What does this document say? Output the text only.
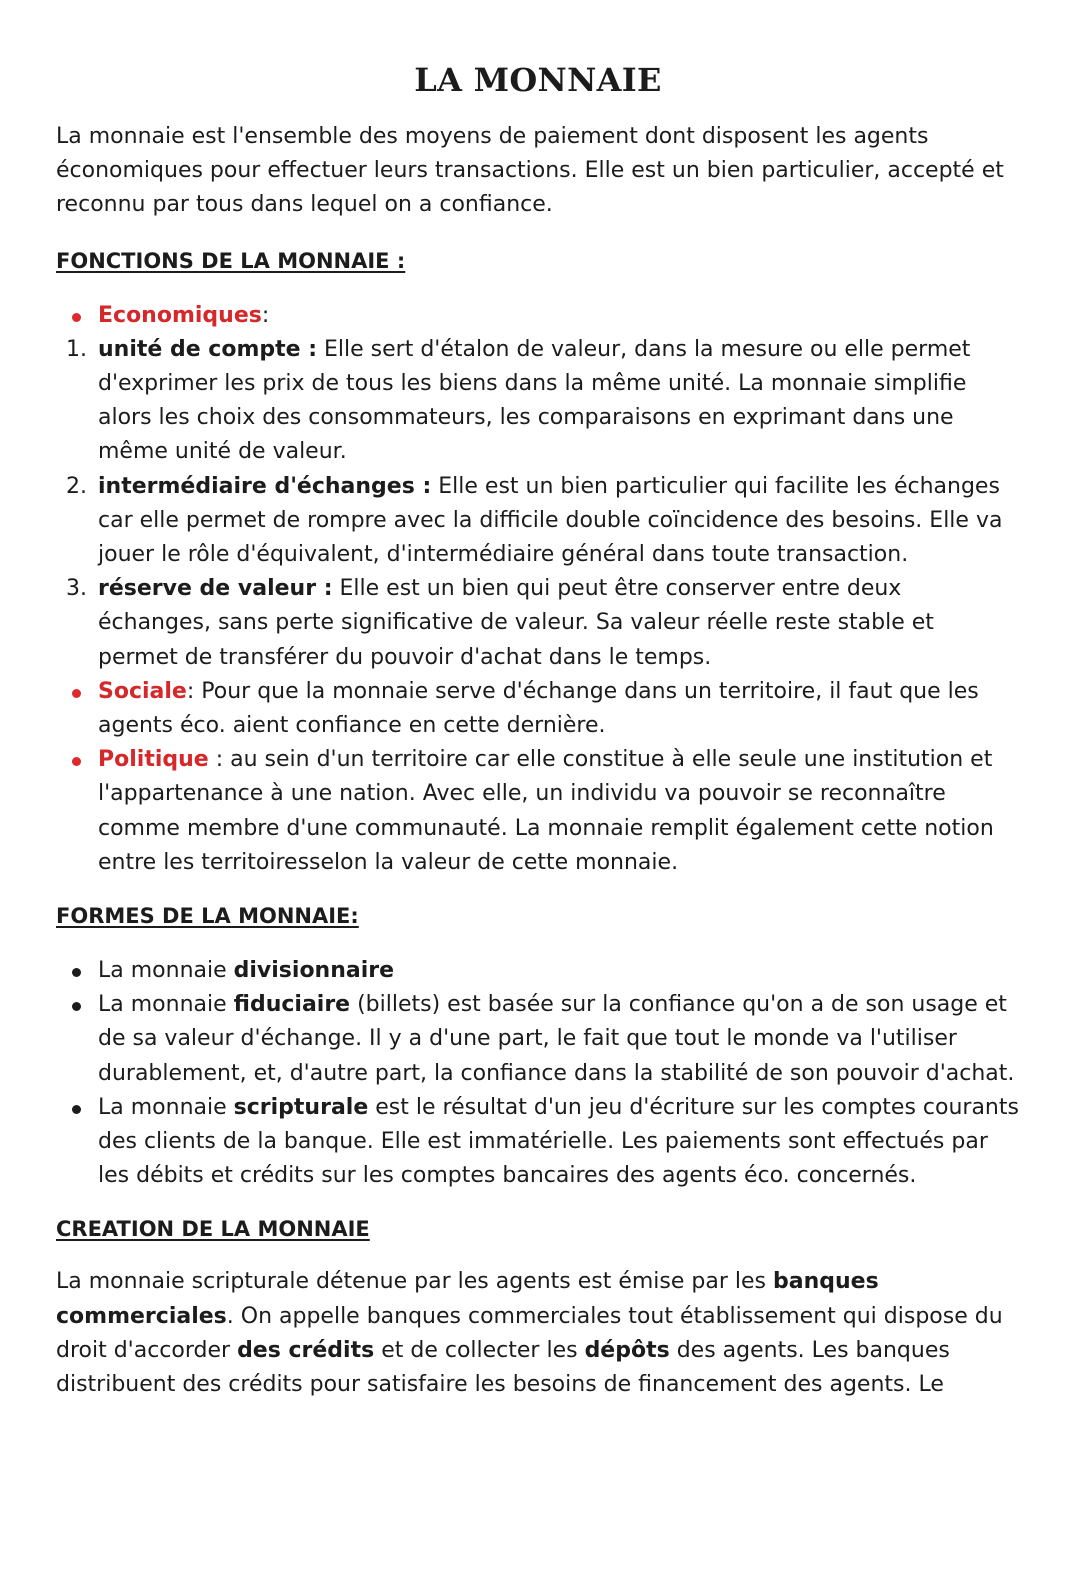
LA MONNAIE

La monnaie est l'ensemble des moyens de paiement dont disposent les agents économiques pour effectuer leurs transactions. Elle est un bien particulier, accepté et reconnu par tous dans lequel on a confiance.

FONCTIONS DE LA MONNAIE :
Economiques:
1. unité de compte : Elle sert d'étalon de valeur, dans la mesure ou elle permet d'exprimer les prix de tous les biens dans la même unité. La monnaie simplifie alors les choix des consommateurs, les comparaisons en exprimant dans une même unité de valeur.
2. intermédiaire d'échanges : Elle est un bien particulier qui facilite les échanges car elle permet de rompre avec la difficile double coïncidence des besoins. Elle va jouer le rôle d'équivalent, d'intermédiaire général dans toute transaction.
3. réserve de valeur : Elle est un bien qui peut être conserver entre deux échanges, sans perte significative de valeur. Sa valeur réelle reste stable et permet de transférer du pouvoir d'achat dans le temps.
Sociale: Pour que la monnaie serve d'échange dans un territoire, il faut que les agents éco. aient confiance en cette dernière.
Politique : au sein d'un territoire car elle constitue à elle seule une institution et l'appartenance à une nation. Avec elle, un individu va pouvoir se reconnaître comme membre d'une communauté. La monnaie remplit également cette notion entre les territoiresselon la valeur de cette monnaie.
FORMES DE LA MONNAIE:
La monnaie divisionnaire
La monnaie fiduciaire (billets) est basée sur la confiance qu'on a de son usage et de sa valeur d'échange. Il y a d'une part, le fait que tout le monde va l'utiliser durablement, et, d'autre part, la confiance dans la stabilité de son pouvoir d'achat.
La monnaie scripturale est le résultat d'un jeu d'écriture sur les comptes courants des clients de la banque. Elle est immatérielle. Les paiements sont effectués par les débits et crédits sur les comptes bancaires des agents éco. concernés.
CREATION DE LA MONNAIE

La monnaie scripturale détenue par les agents est émise par les banques commerciales. On appelle banques commerciales tout établissement qui dispose du droit d'accorder des crédits et de collecter les dépôts des agents. Les banques distribuent des crédits pour satisfaire les besoins de financement des agents. Le
